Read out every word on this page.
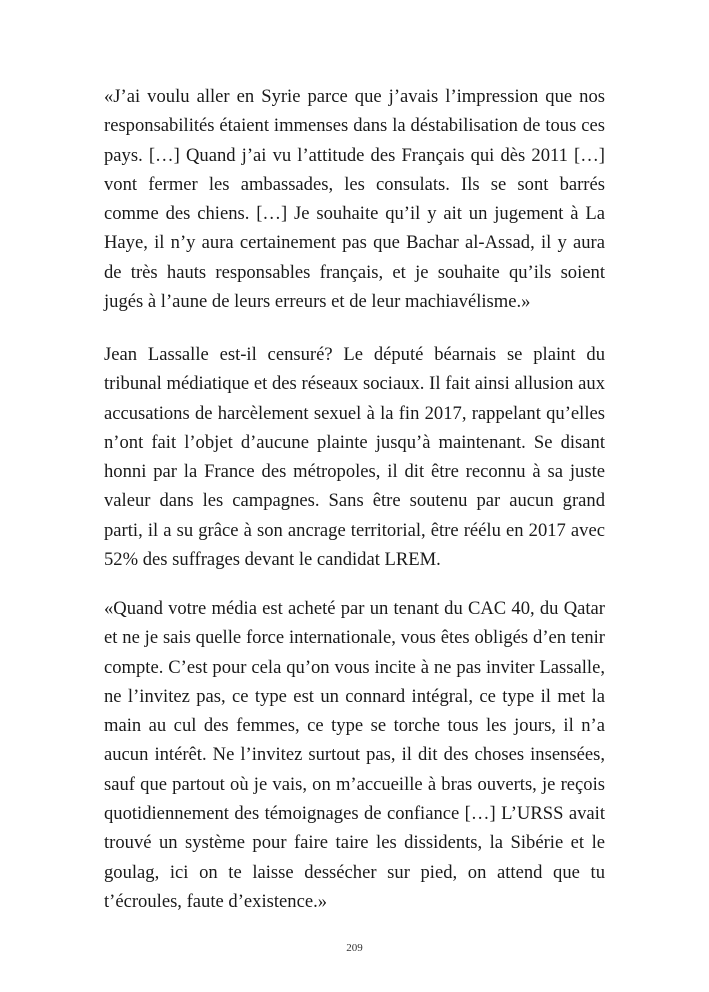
«J’ai voulu aller en Syrie parce que j’avais l’impression que nos responsabilités étaient immenses dans la déstabilisation de tous ces pays. […] Quand j’ai vu l’attitude des Français qui dès 2011 […] vont fermer les ambassades, les consulats. Ils se sont barrés comme des chiens. […] Je souhaite qu’il y ait un jugement à La Haye, il n’y aura certainement pas que Bachar al-Assad, il y aura de très hauts responsables français, et je souhaite qu’ils soient jugés à l’aune de leurs erreurs et de leur machiavélisme.»

Jean Lassalle est-il censuré? Le député béarnais se plaint du tribunal médiatique et des réseaux sociaux. Il fait ainsi allusion aux accusations de harcèlement sexuel à la fin 2017, rappelant qu’elles n’ont fait l’objet d’aucune plainte jusqu’à maintenant. Se disant honni par la France des métropoles, il dit être reconnu à sa juste valeur dans les campagnes. Sans être soutenu par aucun grand parti, il a su grâce à son ancrage territorial, être réélu en 2017 avec 52% des suffrages devant le candidat LREM.

«Quand votre média est acheté par un tenant du CAC 40, du Qatar et ne je sais quelle force internationale, vous êtes obligés d’en tenir compte. C’est pour cela qu’on vous incite à ne pas inviter Lassalle, ne l’invitez pas, ce type est un connard intégral, ce type il met la main au cul des femmes, ce type se torche tous les jours, il n’a aucun intérêt. Ne l’invitez surtout pas, il dit des choses insensées, sauf que partout où je vais, on m’accueille à bras ouverts, je reçois quotidiennement des témoignages de confiance […] L’URSS avait trouvé un système pour faire taire les dissidents, la Sibérie et le goulag, ici on te laisse dessécher sur pied, on attend que tu t’écroules, faute d’existence.»

209
